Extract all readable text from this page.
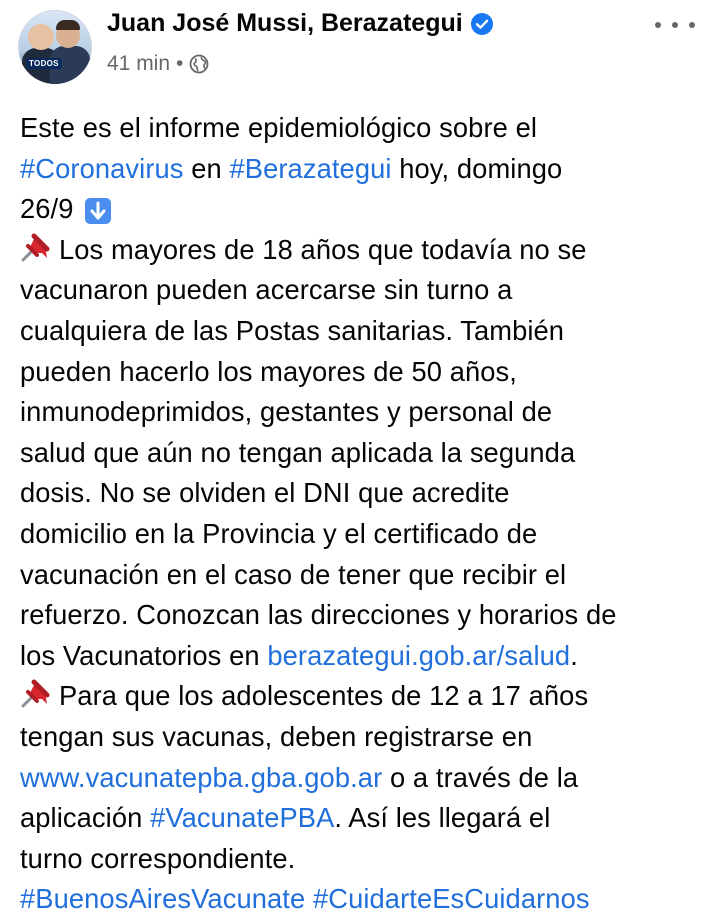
TODOS
Juan José Mussi, Berazategui
41 min •
Este es el informe epidemiológico sobre el
#Coronavirus en #Berazategui hoy, domingo
26/9
Los mayores de 18 años que todavía no se
vacunaron pueden acercarse sin turno a
cualquiera de las Postas sanitarias. También
pueden hacerlo los mayores de 50 años,
inmunodeprimidos, gestantes y personal de
salud que aún no tengan aplicada la segunda
dosis. No se olviden el DNI que acredite
domicilio en la Provincia y el certificado de
vacunación en el caso de tener que recibir el
refuerzo. Conozcan las direcciones y horarios de
los Vacunatorios en berazategui.gob.ar/salud.
Para que los adolescentes de 12 a 17 años
tengan sus vacunas, deben registrarse en
www.vacunatepba.gba.gob.ar o a través de la
aplicación #VacunatePBA. Así les llegará el
turno correspondiente.
#BuenosAiresVacunate #CuidarteEsCuidarnos
